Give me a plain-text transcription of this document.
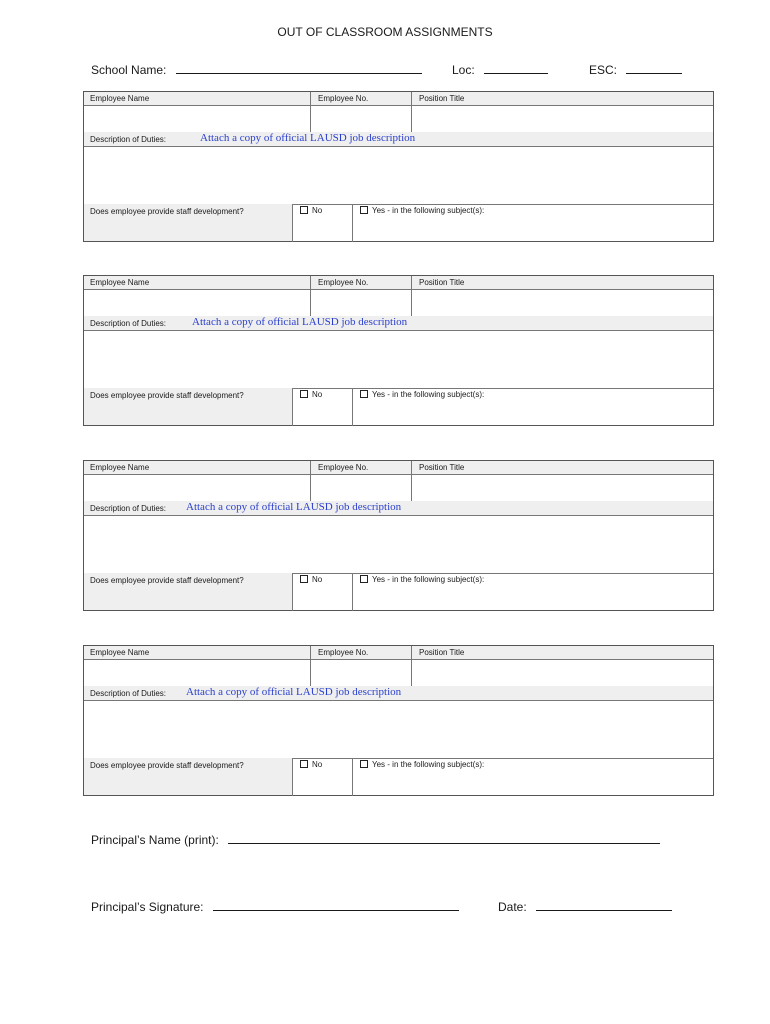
OUT OF CLASSROOM ASSIGNMENTS
School Name:	Loc:	ESC:
Employee Name	Employee No.	Position Title
Description of Duties:	Attach a copy of official LAUSD job description
Does employee provide staff development?	No	Yes - in the following subject(s):
Employee Name	Employee No.	Position Title
Description of Duties: Attach a copy of official LAUSD job description
Does employee provide staff development?	No	Yes - in the following subject(s):
Employee Name	Employee No.	Position Title
Description of Duties: Attach a copy of official LAUSD job description
Does employee provide staff development?	No	Yes - in the following subject(s):
Employee Name	Employee No.	Position Title
Description of Duties: Attach a copy of official LAUSD job description
Does employee provide staff development?	No	Yes - in the following subject(s):
Principal’s Name (print):
Principal’s Signature:	Date:
